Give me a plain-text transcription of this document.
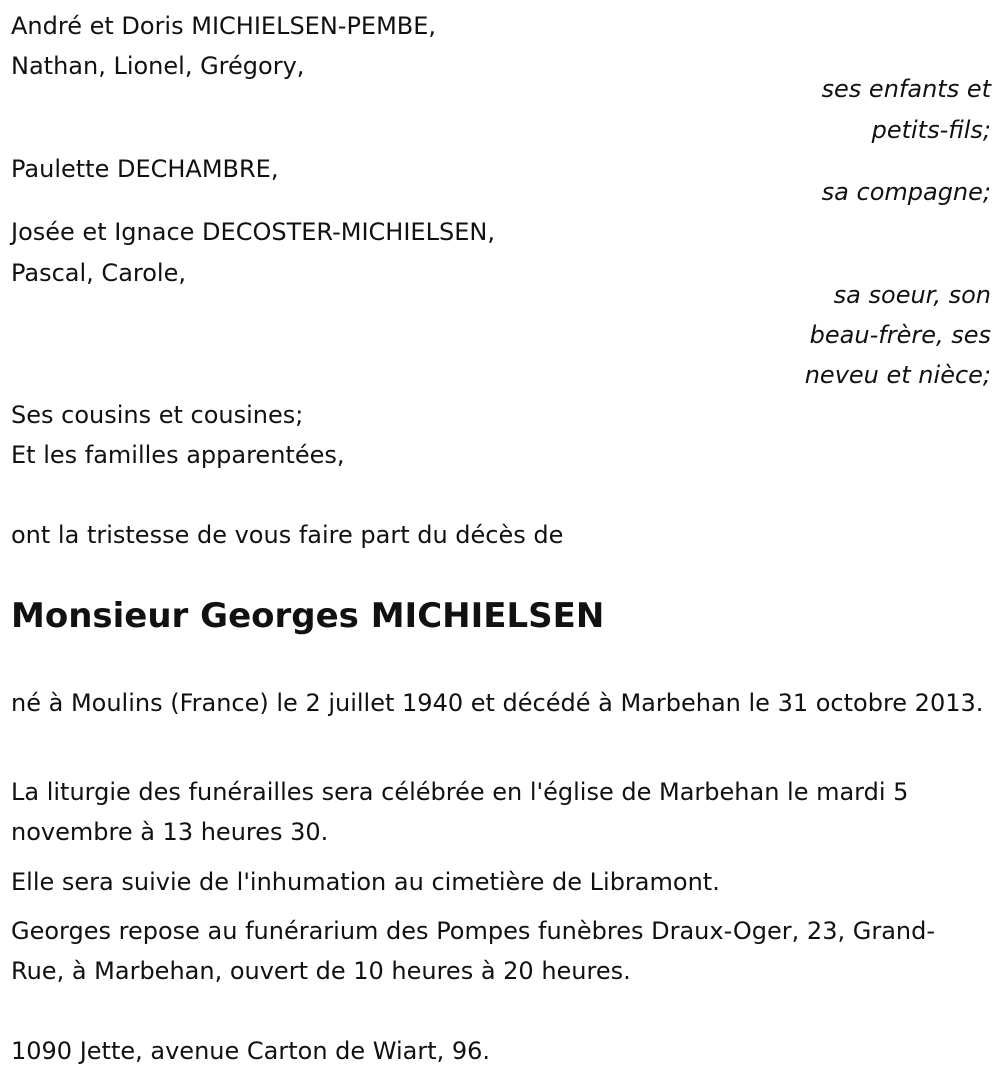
André et Doris MICHIELSEN-PEMBE,
Nathan, Lionel, Grégory,
ses enfants et
petits-fils;
Paulette DECHAMBRE,
sa compagne;
Josée et Ignace DECOSTER-MICHIELSEN,
Pascal, Carole,
sa soeur, son
beau-frère, ses
neveu et nièce;
Ses cousins et cousines;
Et les familles apparentées,
ont la tristesse de vous faire part du décès de
Monsieur Georges MICHIELSEN
né à Moulins (France) le 2 juillet 1940 et décédé à Marbehan le 31 octobre 2013.
La liturgie des funérailles sera célébrée en l'église de Marbehan le mardi 5 novembre à 13 heures 30.
Elle sera suivie de l'inhumation au cimetière de Libramont.
Georges repose au funérarium des Pompes funèbres Draux-Oger, 23, Grand-Rue, à Marbehan, ouvert de 10 heures à 20 heures.
1090 Jette, avenue Carton de Wiart, 96.
